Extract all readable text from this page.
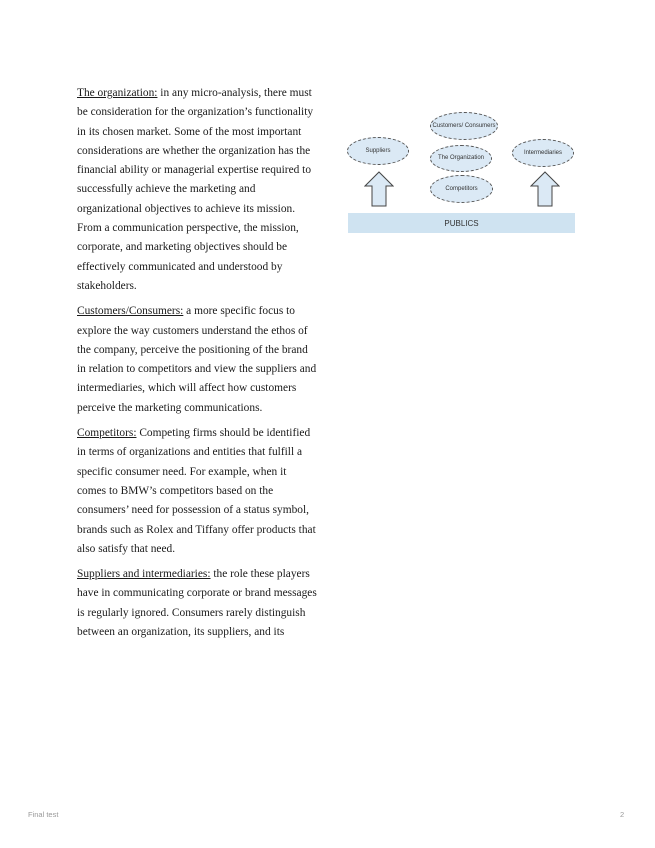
The organization: in any micro-analysis, there must be consideration for the organization’s functionality in its chosen market. Some of the most important considerations are whether the organization has the financial ability or managerial expertise required to successfully achieve the marketing and organizational objectives to achieve its mission. From a communication perspective, the mission, corporate, and marketing objectives should be effectively communicated and understood by stakeholders.

Customers/Consumers: a more specific focus to explore the way customers understand the ethos of the company, perceive the positioning of the brand in relation to competitors and view the suppliers and intermediaries, which will affect how customers perceive the marketing communications.

Competitors: Competing firms should be identified in terms of organizations and entities that fulfill a specific consumer need. For example, when it comes to BMW’s competitors based on the consumers’ need for possession of a status symbol, brands such as Rolex and Tiffany offer products that also satisfy that need.

Suppliers and intermediaries: the role these players have in communicating corporate or brand messages is regularly ignored. Consumers rarely distinguish between an organization, its suppliers, and its

Customers/ Consumers
Suppliers
The Organization
Intermediaries
Competitors
PUBLICS
Final test	2
